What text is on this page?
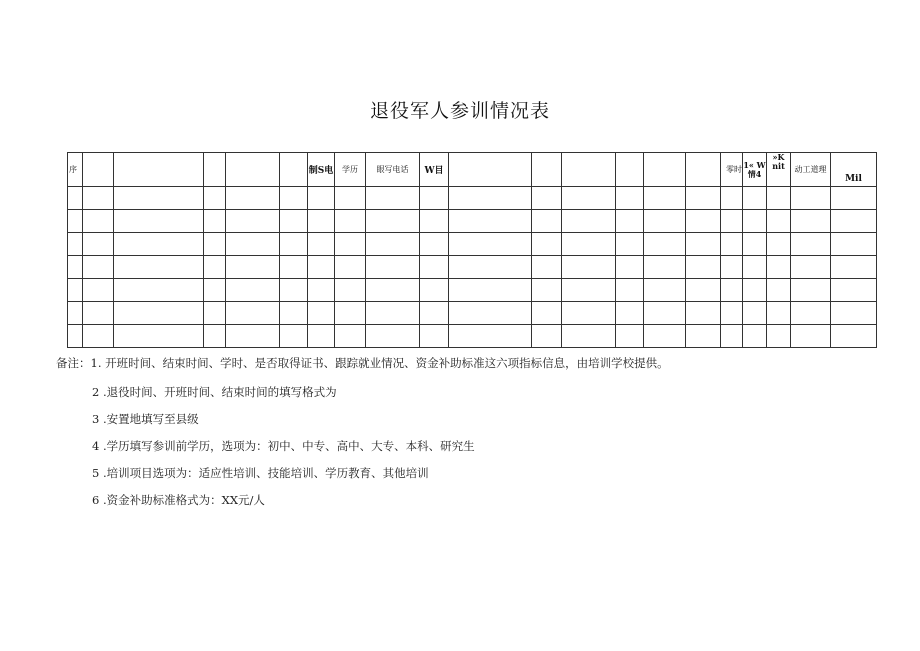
退役军人参训情况表
序						制S电	学历	眼写电话	W目							零时	1« W 情4	»K nit	动工道理	Mil

备注：1. 开班时间、结束时间、学时、是否取得证书、跟踪就业情况、资金补助标准这六项指标信息，由培训学校提供。
2 .退役时间、开班时间、结束时间的填写格式为
3 .安置地填写至县级
4 .学历填写参训前学历，选项为：初中、中专、高中、大专、本科、研究生
5 .培训项目选项为：适应性培训、技能培训、学历教育、其他培训
6 .资金补助标准格式为：XX元/人
